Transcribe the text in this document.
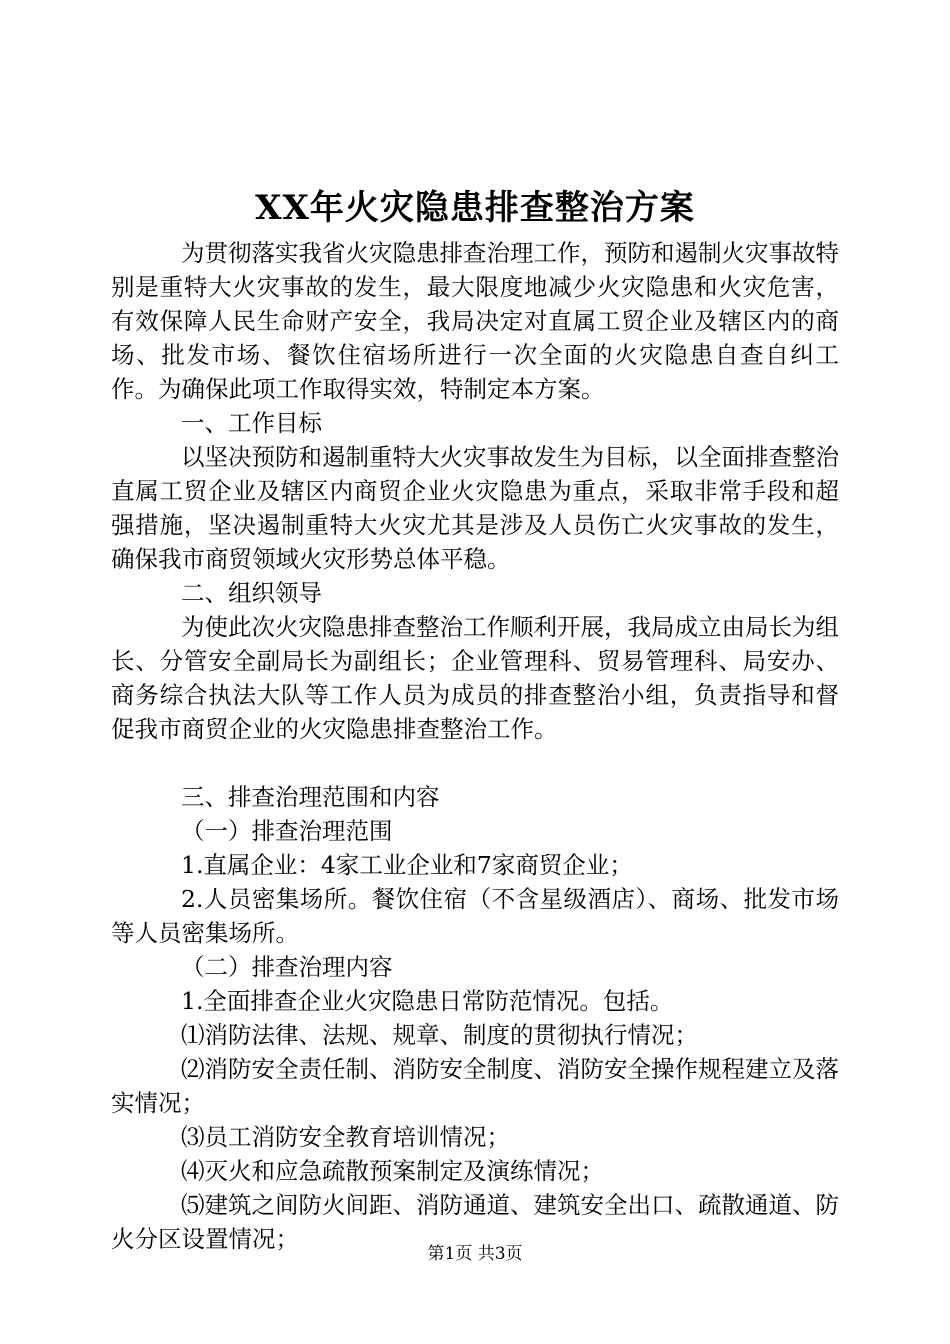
XX年火灾隐患排查整治方案

为贯彻落实我省火灾隐患排查治理工作，预防和遏制火灾事故特别是重特大火灾事故的发生，最大限度地减少火灾隐患和火灾危害，有效保障人民生命财产安全，我局决定对直属工贸企业及辖区内的商场、批发市场、餐饮住宿场所进行一次全面的火灾隐患自查自纠工作。为确保此项工作取得实效，特制定本方案。

一、工作目标

以坚决预防和遏制重特大火灾事故发生为目标，以全面排查整治直属工贸企业及辖区内商贸企业火灾隐患为重点，采取非常手段和超强措施，坚决遏制重特大火灾尤其是涉及人员伤亡火灾事故的发生，确保我市商贸领域火灾形势总体平稳。

二、组织领导

为使此次火灾隐患排查整治工作顺利开展，我局成立由局长为组长、分管安全副局长为副组长；企业管理科、贸易管理科、局安办、商务综合执法大队等工作人员为成员的排查整治小组，负责指导和督促我市商贸企业的火灾隐患排查整治工作。

三、排查治理范围和内容

（一）排查治理范围

1.直属企业：4家工业企业和7家商贸企业；

2.人员密集场所。餐饮住宿（不含星级酒店）、商场、批发市场等人员密集场所。

（二）排查治理内容

1.全面排查企业火灾隐患日常防范情况。包括。

⑴消防法律、法规、规章、制度的贯彻执行情况；

⑵消防安全责任制、消防安全制度、消防安全操作规程建立及落实情况；

⑶员工消防安全教育培训情况；

⑷灭火和应急疏散预案制定及演练情况；

⑸建筑之间防火间距、消防通道、建筑安全出口、疏散通道、防火分区设置情况；

第1页 共3页
